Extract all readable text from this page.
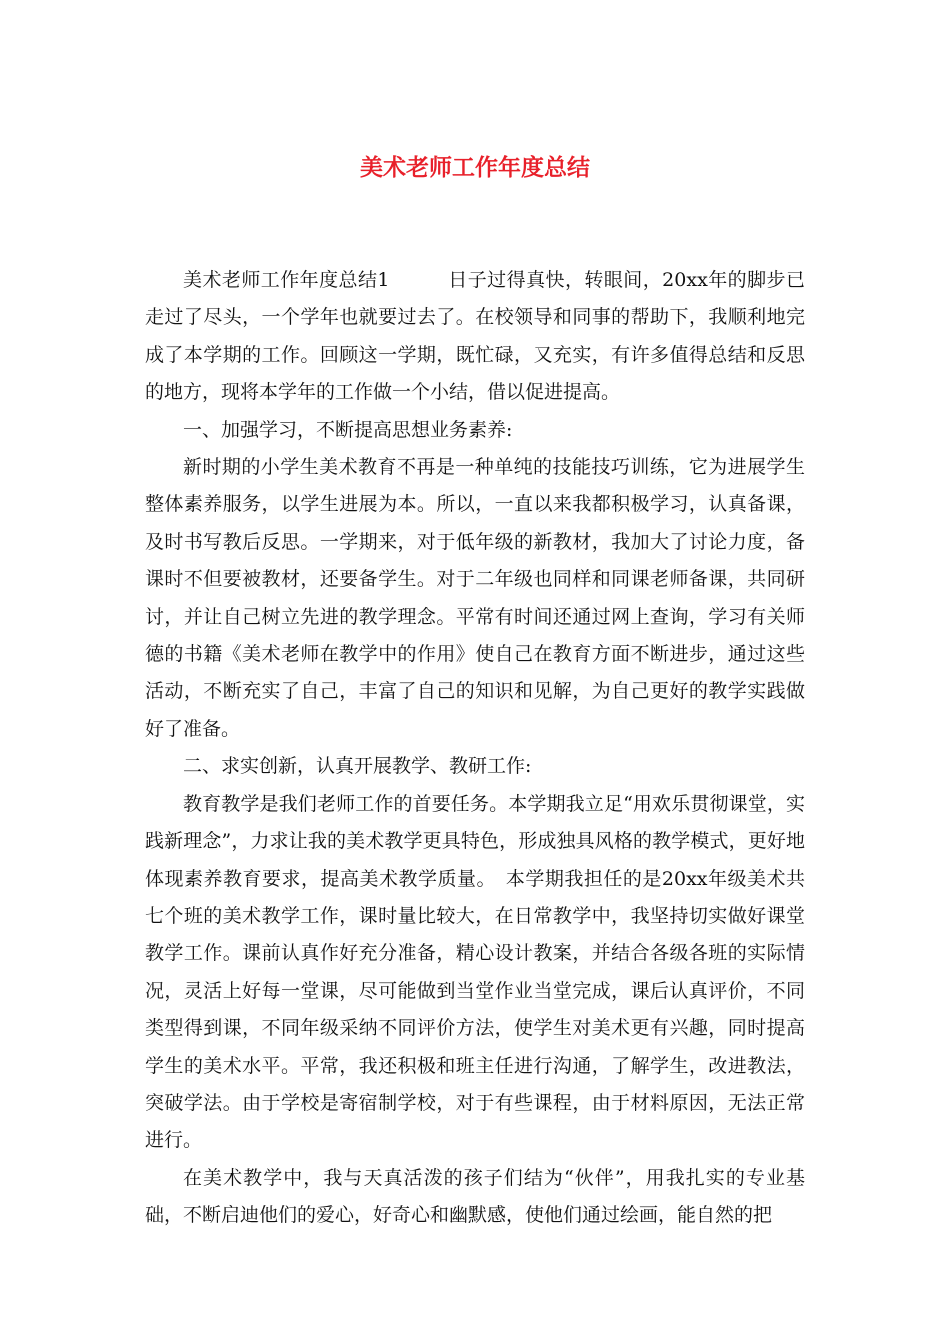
美术老师工作年度总结

美术老师工作年度总结1　　　日子过得真快，转眼间，20xx年的脚步已走过了尽头，一个学年也就要过去了。在校领导和同事的帮助下，我顺利地完成了本学期的工作。回顾这一学期，既忙碌，又充实，有许多值得总结和反思的地方，现将本学年的工作做一个小结，借以促进提高。

一、加强学习，不断提高思想业务素养:

新时期的小学生美术教育不再是一种单纯的技能技巧训练，它为进展学生整体素养服务，以学生进展为本。所以，一直以来我都积极学习，认真备课，及时书写教后反思。一学期来，对于低年级的新教材，我加大了讨论力度，备课时不但要被教材，还要备学生。对于二年级也同样和同课老师备课，共同研讨，并让自己树立先进的教学理念。平常有时间还通过网上查询，学习有关师德的书籍《美术老师在教学中的作用》使自己在教育方面不断进步，通过这些活动，不断充实了自己，丰富了自己的知识和见解，为自己更好的教学实践做好了准备。

二、求实创新，认真开展教学、教研工作:

教育教学是我们老师工作的首要任务。本学期我立足“用欢乐贯彻课堂，实践新理念”，力求让我的美术教学更具特色，形成独具风格的教学模式，更好地体现素养教育要求，提高美术教学质量。　本学期我担任的是20xx年级美术共七个班的美术教学工作，课时量比较大，在日常教学中，我坚持切实做好课堂教学工作。课前认真作好充分准备，精心设计教案，并结合各级各班的实际情况，灵活上好每一堂课，尽可能做到当堂作业当堂完成，课后认真评价，不同类型得到课，不同年级采纳不同评价方法，使学生对美术更有兴趣，同时提高学生的美术水平。平常，我还积极和班主任进行沟通，了解学生，改进教法，突破学法。由于学校是寄宿制学校，对于有些课程，由于材料原因，无法正常进行。

在美术教学中，我与天真活泼的孩子们结为“伙伴”，用我扎实的专业基础，不断启迪他们的爱心，好奇心和幽默感，使他们通过绘画，能自然的把
